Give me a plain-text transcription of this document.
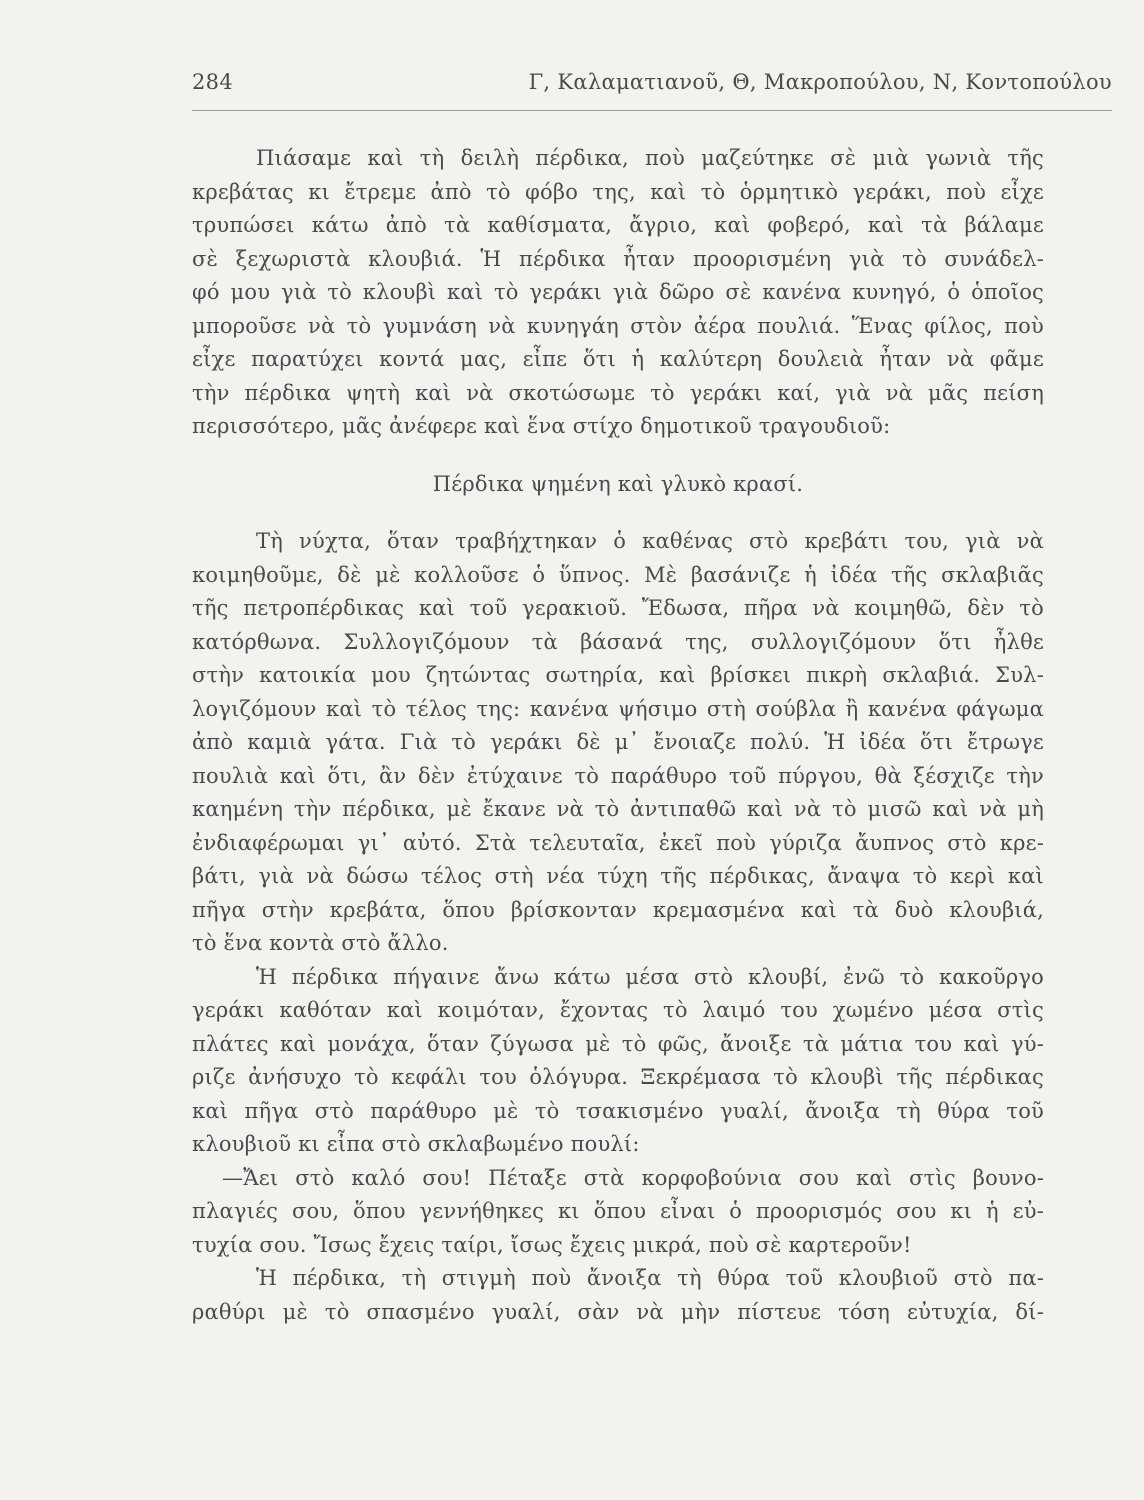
284	Γ, Καλαματιανοῦ, Θ, Μακροπούλου, Ν, Κοντοπούλου
Πιάσαμε καὶ τὴ δειλὴ πέρδικα, ποὺ μαζεύτηκε σὲ μιὰ γωνιὰ τῆς
κρεβάτας κι ἔτρεμε ἀπὸ τὸ φόβο της, καὶ τὸ ὁρμητικὸ γεράκι, ποὺ εἶχε
τρυπώσει κάτω ἀπὸ τὰ καθίσματα, ἄγριο, καὶ φοβερό, καὶ τὰ βάλαμε
σὲ ξεχωριστὰ κλουβιά. Ἡ πέρδικα ἦταν προορισμένη γιὰ τὸ συνάδελ-
φό μου γιὰ τὸ κλουβὶ καὶ τὸ γεράκι γιὰ δῶρο σὲ κανένα κυνηγό, ὁ ὁποῖος
μποροῦσε νὰ τὸ γυμνάση νὰ κυνηγάη στὸν ἀέρα πουλιά. Ἕνας φίλος, ποὺ
εἶχε παρατύχει κοντά μας, εἶπε ὅτι ἡ καλύτερη δουλειὰ ἦταν νὰ φᾶμε
τὴν πέρδικα ψητὴ καὶ νὰ σκοτώσωμε τὸ γεράκι καί, γιὰ νὰ μᾶς πείση
περισσότερο, μᾶς ἀνέφερε καὶ ἕνα στίχο δημοτικοῦ τραγουδιοῦ:
Πέρδικα ψημένη καὶ γλυκὸ κρασί.
Τὴ νύχτα, ὅταν τραβήχτηκαν ὁ καθένας στὸ κρεβάτι του, γιὰ νὰ
κοιμηθοῦμε, δὲ μὲ κολλοῦσε ὁ ὕπνος. Μὲ βασάνιζε ἡ ἰδέα τῆς σκλαβιᾶς
τῆς πετροπέρδικας καὶ τοῦ γερακιοῦ. Ἔδωσα, πῆρα νὰ κοιμηθῶ, δὲν τὸ
κατόρθωνα. Συλλογιζόμουν τὰ βάσανά της, συλλογιζόμουν ὅτι ἦλθε
στὴν κατοικία μου ζητώντας σωτηρία, καὶ βρίσκει πικρὴ σκλαβιά. Συλ-
λογιζόμουν καὶ τὸ τέλος της: κανένα ψήσιμο στὴ σούβλα ἢ κανένα φάγωμα
ἀπὸ καμιὰ γάτα. Γιὰ τὸ γεράκι δὲ μ᾽ ἔνοιαζε πολύ. Ἡ ἰδέα ὅτι ἔτρωγε
πουλιὰ καὶ ὅτι, ἂν δὲν ἐτύχαινε τὸ παράθυρο τοῦ πύργου, θὰ ξέσχιζε τὴν
καημένη τὴν πέρδικα, μὲ ἔκανε νὰ τὸ ἀντιπαθῶ καὶ νὰ τὸ μισῶ καὶ νὰ μὴ
ἐνδιαφέρωμαι γι᾽ αὐτό. Στὰ τελευταῖα, ἐκεῖ ποὺ γύριζα ἄυπνος στὸ κρε-
βάτι, γιὰ νὰ δώσω τέλος στὴ νέα τύχη τῆς πέρδικας, ἄναψα τὸ κερὶ καὶ
πῆγα στὴν κρεβάτα, ὅπου βρίσκονταν κρεμασμένα καὶ τὰ δυὸ κλουβιά,
τὸ ἕνα κοντὰ στὸ ἄλλο.
Ἡ πέρδικα πήγαινε ἄνω κάτω μέσα στὸ κλουβί, ἐνῶ τὸ κακοῦργο
γεράκι καθόταν καὶ κοιμόταν, ἔχοντας τὸ λαιμό του χωμένο μέσα στὶς
πλάτες καὶ μονάχα, ὅταν ζύγωσα μὲ τὸ φῶς, ἄνοιξε τὰ μάτια του καὶ γύ-
ριζε ἀνήσυχο τὸ κεφάλι του ὁλόγυρα. Ξεκρέμασα τὸ κλουβὶ τῆς πέρδικας
καὶ πῆγα στὸ παράθυρο μὲ τὸ τσακισμένο γυαλί, ἄνοιξα τὴ θύρα τοῦ
κλουβιοῦ κι εἶπα στὸ σκλαβωμένο πουλί:
—Ἄει στὸ καλό σου! Πέταξε στὰ κορφοβούνια σου καὶ στὶς βουνο-
πλαγιές σου, ὅπου γεννήθηκες κι ὅπου εἶναι ὁ προορισμός σου κι ἡ εὐ-
τυχία σου. Ἴσως ἔχεις ταίρι, ἴσως ἔχεις μικρά, ποὺ σὲ καρτεροῦν!
Ἡ πέρδικα, τὴ στιγμὴ ποὺ ἄνοιξα τὴ θύρα τοῦ κλουβιοῦ στὸ πα-
ραθύρι μὲ τὸ σπασμένο γυαλί, σὰν νὰ μὴν πίστευε τόση εὐτυχία, δί-
